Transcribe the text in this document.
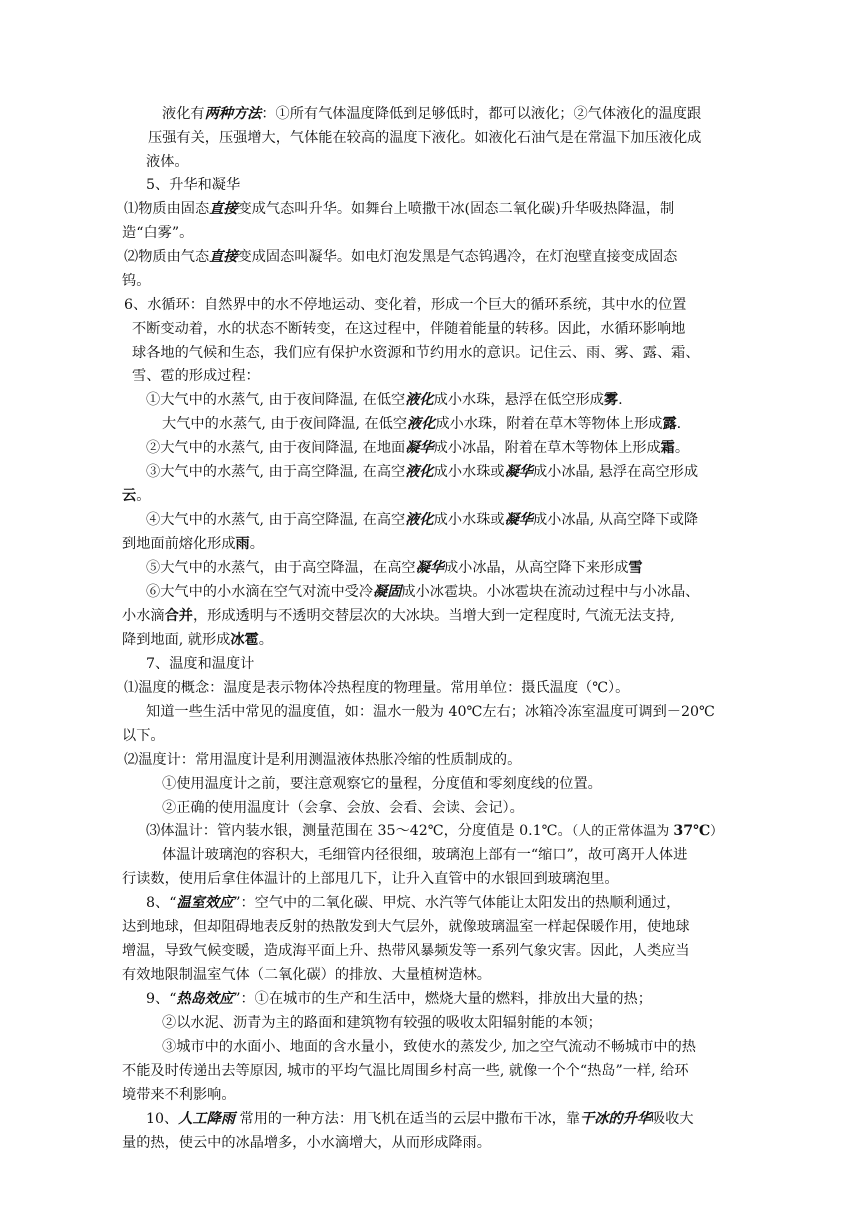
液化有两种方法：①所有气体温度降低到足够低时，都可以液化；②气体液化的温度跟
压强有关，压强增大，气体能在较高的温度下液化。如液化石油气是在常温下加压液化成
液体。
5、升华和凝华
⑴物质由固态直接变成气态叫升华。如舞台上喷撒干冰(固态二氧化碳)升华吸热降温，制
造“白雾”。
⑵物质由气态直接变成固态叫凝华。如电灯泡发黑是气态钨遇冷，在灯泡壁直接变成固态
钨。
6、水循环：自然界中的水不停地运动、变化着，形成一个巨大的循环系统，其中水的位置
不断变动着，水的状态不断转变，在这过程中，伴随着能量的转移。因此，水循环影响地
球各地的气候和生态，我们应有保护水资源和节约用水的意识。记住云、雨、雾、露、霜、
雪、雹的形成过程：
①大气中的水蒸气, 由于夜间降温, 在低空液化成小水珠，悬浮在低空形成雾.
大气中的水蒸气, 由于夜间降温, 在低空液化成小水珠，附着在草木等物体上形成露.
②大气中的水蒸气, 由于夜间降温, 在地面凝华成小冰晶，附着在草木等物体上形成霜。
③大气中的水蒸气, 由于高空降温, 在高空液化成小水珠或凝华成小冰晶, 悬浮在高空形成
云。
④大气中的水蒸气, 由于高空降温, 在高空液化成小水珠或凝华成小冰晶, 从高空降下或降
到地面前熔化形成雨。
⑤大气中的水蒸气，由于高空降温，在高空凝华成小冰晶，从高空降下来形成雪
⑥大气中的小水滴在空气对流中受冷凝固成小冰雹块。小冰雹块在流动过程中与小冰晶、
小水滴合并，形成透明与不透明交替层次的大冰块。当增大到一定程度时, 气流无法支持,
降到地面, 就形成冰雹。
7、温度和温度计
⑴温度的概念：温度是表示物体冷热程度的物理量。常用单位：摄氏温度（℃）。
知道一些生活中常见的温度值，如：温水一般为 40℃左右；冰箱冷冻室温度可调到－20℃
以下。
⑵温度计：常用温度计是利用测温液体热胀冷缩的性质制成的。
①使用温度计之前，要注意观察它的量程，分度值和零刻度线的位置。
②正确的使用温度计（会拿、会放、会看、会读、会记）。
⑶体温计：管内装水银，测量范围在 35～42℃，分度值是 0.1℃。（人的正常体温为 37℃）
体温计玻璃泡的容积大，毛细管内径很细，玻璃泡上部有一“缩口”，故可离开人体进
行读数，使用后拿住体温计的上部甩几下，让升入直管中的水银回到玻璃泡里。
8、“温室效应”：空气中的二氧化碳、甲烷、水汽等气体能让太阳发出的热顺利通过，
达到地球，但却阻碍地表反射的热散发到大气层外，就像玻璃温室一样起保暖作用，使地球
增温，导致气候变暖，造成海平面上升、热带风暴频发等一系列气象灾害。因此，人类应当
有效地限制温室气体（二氧化碳）的排放、大量植树造林。
9、“热岛效应”：①在城市的生产和生活中，燃烧大量的燃料，排放出大量的热；
②以水泥、沥青为主的路面和建筑物有较强的吸收太阳辐射能的本领；
③城市中的水面小、地面的含水量小，致使水的蒸发少, 加之空气流动不畅城市中的热
不能及时传递出去等原因, 城市的平均气温比周围乡村高一些, 就像一个个“热岛”一样, 给环
境带来不利影响。
10、人工降雨 常用的一种方法：用飞机在适当的云层中撒布干冰，靠干冰的升华吸收大
量的热，使云中的冰晶增多，小水滴增大，从而形成降雨。
